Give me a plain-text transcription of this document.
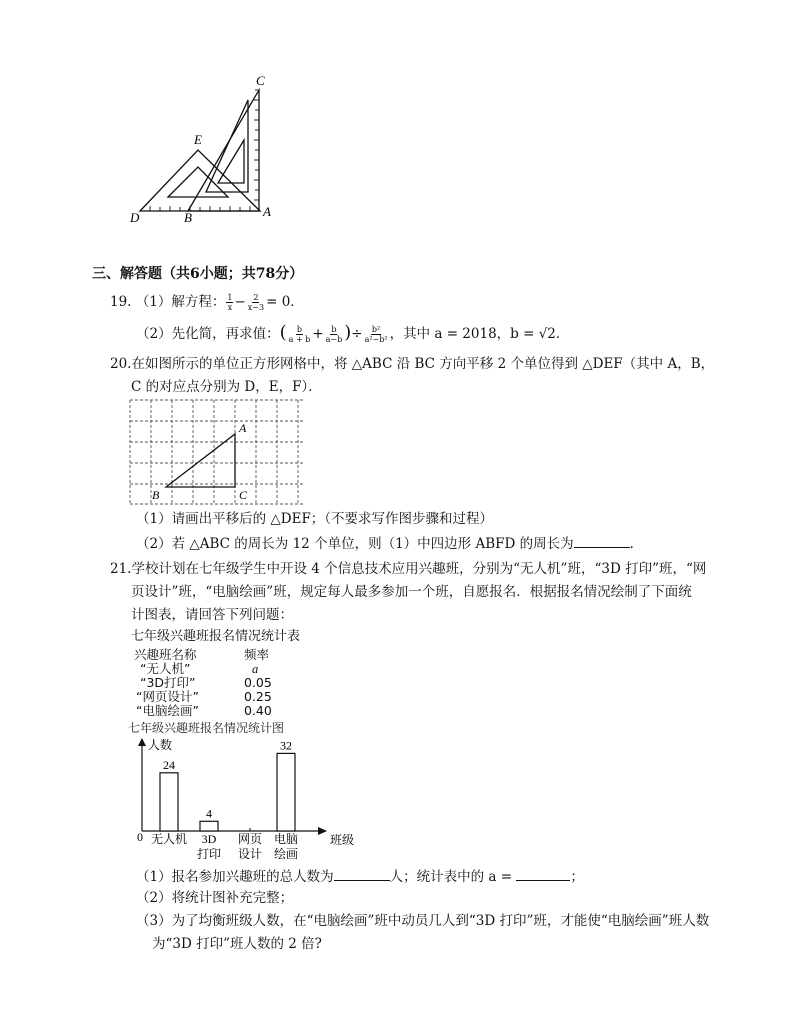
C
E
D	B	A
三、解答题（共6小题；共78分）
19. （1）解方程： $\frac{1}{x} - \frac{2}{x-3} = 0$．
（2）先化简，再求值：( $\frac{b}{a + b} + \frac{b}{a-b}$ )÷ $\frac{\text{b²}}{\text{a²−b²}}$ ，其中 a = 2018，b = √2．
20.在如图所示的单位正方形网格中，将 △ABC 沿 BC 方向平移 2 个单位得到 △DEF（其中 A，B，
C 的对应点分别为 D，E，F）．
A
B	C
（1）请画出平移后的 △DEF；（不要求写作图步骤和过程）
（2）若 △ABC 的周长为 12 个单位，则（1）中四边形 ABFD 的周长为	．
21.学校计划在七年级学生中开设 4 个信息技术应用兴趣班，分别为“无人机”班，“3D 打印”班，“网
页设计”班，“电脑绘画”班，规定每人最多参加一个班，自愿报名．根据报名情况绘制了下面统
计图表，请回答下列问题：
七年级兴趣班报名情况统计表
兴趣班名称	频率
“无人机”	a
“3D打印”	0.05
“网页设计”	0.25
“电脑绘画”	0.40
七年级兴趣班报名情况统计图
人数
班级
0 无人机
24
3D
打印
4
网页
设计
电脑
绘画
32
（1）报名参加兴趣班的总人数为	人；统计表中的 a =	；
（2）将统计图补充完整；
（3）为了均衡班级人数，在“电脑绘画”班中动员几人到“3D 打印”班，才能使“电脑绘画”班人数
为“3D 打印”班人数的 2 倍?
